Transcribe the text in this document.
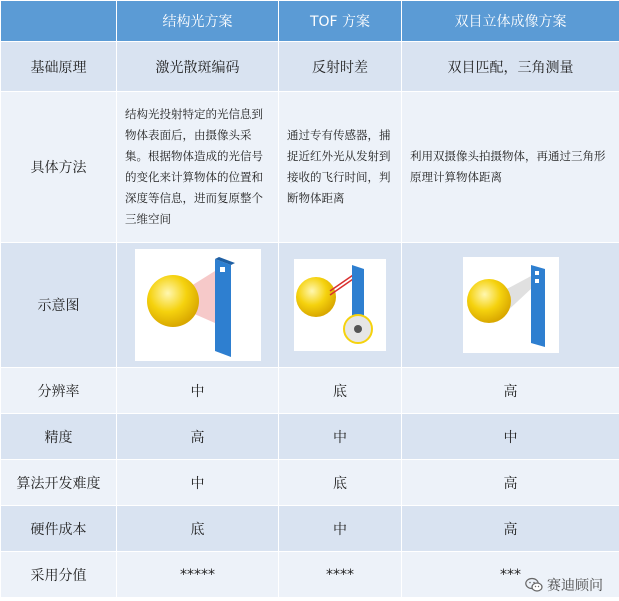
	结构光方案	TOF 方案	双目立体成像方案
基础原理	激光散斑编码	反射时差	双目匹配，三角测量
具体方法	结构光投射特定的光信息到物体表面后，由摄像头采集。根据物体造成的光信号的变化来计算物体的位置和深度等信息，进而复原整个三维空间	通过专有传感器，捕捉近红外光从发射到接收的飞行时间，判断物体距离	利用双摄像头拍摄物体，再通过三角形原理计算物体距离
示意图	

分辨率	中	底	高
精度	高	中	中
算法开发难度	中	底	高
硬件成本	底	中	高
采用分值	*****	****	***
赛迪顾问
